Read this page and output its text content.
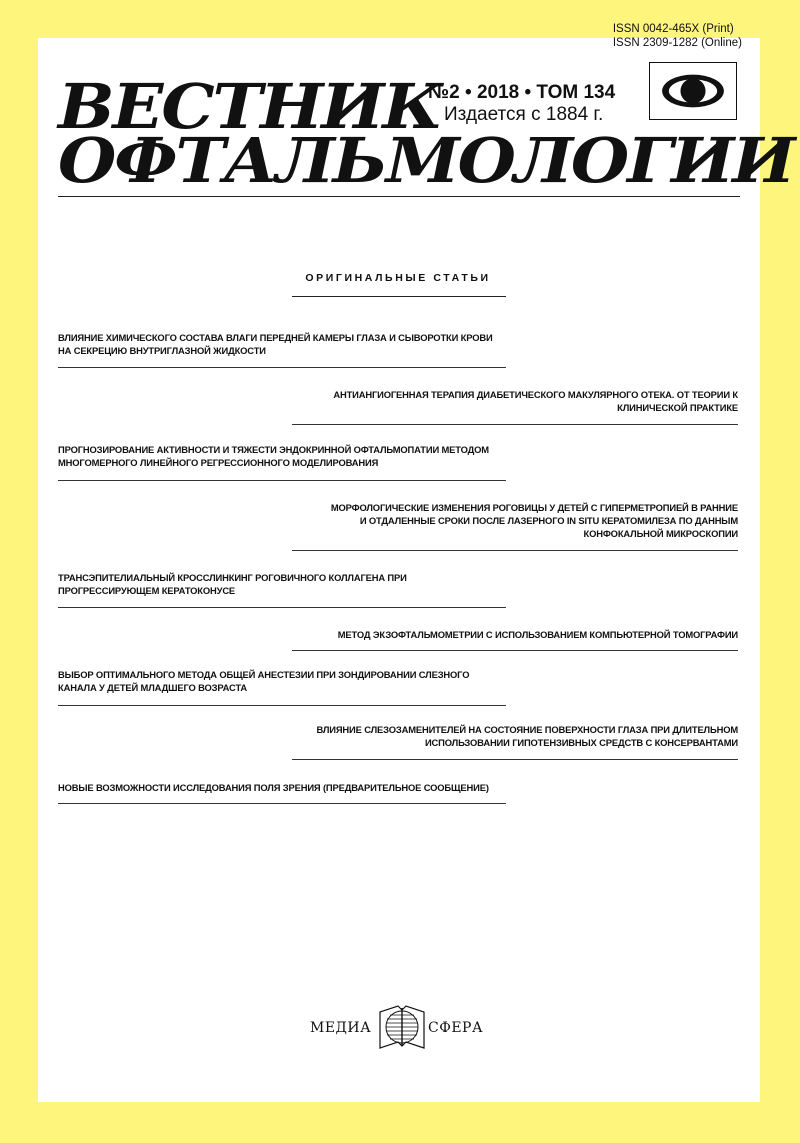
ISSN 0042-465X (Print)
ISSN 2309-1282 (Online)
ВЕСТНИК
ОФТАЛЬМОЛОГИИ
№2 • 2018 • ТОМ 134
Издается с 1884 г.
ОРИГИНАЛЬНЫЕ СТАТЬИ
ВЛИЯНИЕ ХИМИЧЕСКОГО СОСТАВА ВЛАГИ ПЕРЕДНЕЙ КАМЕРЫ ГЛАЗА И СЫВОРОТКИ КРОВИ
НА СЕКРЕЦИЮ ВНУТРИГЛАЗНОЙ ЖИДКОСТИ
АНТИАНГИОГЕННАЯ ТЕРАПИЯ ДИАБЕТИЧЕСКОГО МАКУЛЯРНОГО ОТЕКА. ОТ ТЕОРИИ К
КЛИНИЧЕСКОЙ ПРАКТИКЕ
ПРОГНОЗИРОВАНИЕ АКТИВНОСТИ И ТЯЖЕСТИ ЭНДОКРИННОЙ ОФТАЛЬМОПАТИИ МЕТОДОМ
МНОГОМЕРНОГО ЛИНЕЙНОГО РЕГРЕССИОННОГО МОДЕЛИРОВАНИЯ
МОРФОЛОГИЧЕСКИЕ ИЗМЕНЕНИЯ РОГОВИЦЫ У ДЕТЕЙ С ГИПЕРМЕТРОПИЕЙ В РАННИЕ
И ОТДАЛЕННЫЕ СРОКИ ПОСЛЕ ЛАЗЕРНОГО IN SITU КЕРАТОМИЛЕЗА ПО ДАННЫМ
КОНФОКАЛЬНОЙ МИКРОСКОПИИ
ТРАНСЭПИТЕЛИАЛЬНЫЙ КРОССЛИНКИНГ РОГОВИЧНОГО КОЛЛАГЕНА ПРИ
ПРОГРЕССИРУЮЩЕМ КЕРАТОКОНУСЕ
МЕТОД ЭКЗОФТАЛЬМОМЕТРИИ С ИСПОЛЬЗОВАНИЕМ КОМПЬЮТЕРНОЙ ТОМОГРАФИИ
ВЫБОР ОПТИМАЛЬНОГО МЕТОДА ОБЩЕЙ АНЕСТЕЗИИ ПРИ ЗОНДИРОВАНИИ СЛЕЗНОГО
КАНАЛА У ДЕТЕЙ МЛАДШЕГО ВОЗРАСТА
ВЛИЯНИЕ СЛЕЗОЗАМЕНИТЕЛЕЙ НА СОСТОЯНИЕ ПОВЕРХНОСТИ ГЛАЗА ПРИ ДЛИТЕЛЬНОМ
ИСПОЛЬЗОВАНИИ ГИПОТЕНЗИВНЫХ СРЕДСТВ С КОНСЕРВАНТАМИ
НОВЫЕ ВОЗМОЖНОСТИ ИССЛЕДОВАНИЯ ПОЛЯ ЗРЕНИЯ (ПРЕДВАРИТЕЛЬНОЕ СООБЩЕНИЕ)
МЕДИА	СФЕРА
